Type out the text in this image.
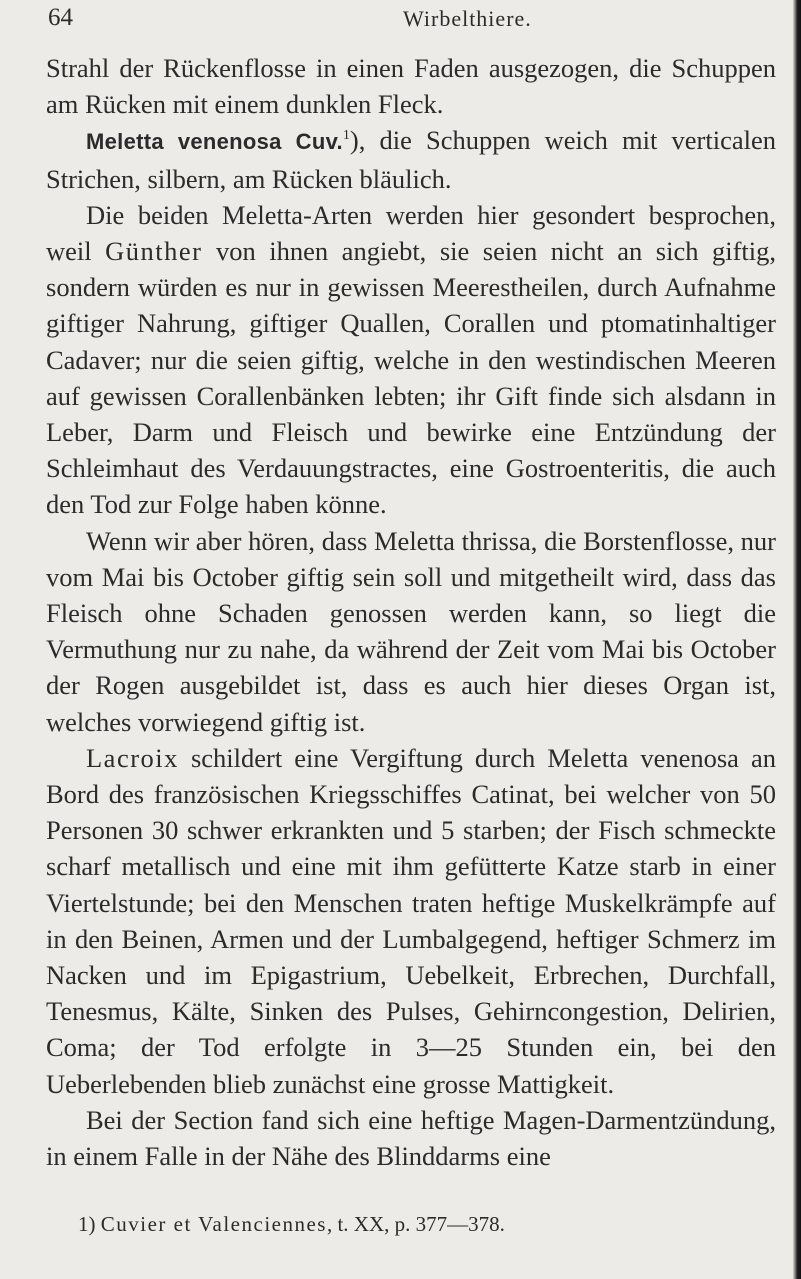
64	Wirbelthiere.

Strahl der Rückenflosse in einen Faden ausgezogen, die Schuppen am Rücken mit einem dunklen Fleck.

Meletta venenosa Cuv.$^1$), die Schuppen weich mit verticalen Strichen, silbern, am Rücken bläulich.

Die beiden Meletta-Arten werden hier gesondert besprochen, weil Günther von ihnen angiebt, sie seien nicht an sich giftig, sondern würden es nur in gewissen Meerestheilen, durch Aufnahme giftiger Nahrung, giftiger Quallen, Corallen und ptomatinhaltiger Cadaver; nur die seien giftig, welche in den westindischen Meeren auf gewissen Corallenbänken lebten; ihr Gift finde sich alsdann in Leber, Darm und Fleisch und bewirke eine Entzündung der Schleimhaut des Verdauungstractes, eine Gostroenteritis, die auch den Tod zur Folge haben könne.

Wenn wir aber hören, dass Meletta thrissa, die Borstenflosse, nur vom Mai bis October giftig sein soll und mitgetheilt wird, dass das Fleisch ohne Schaden genossen werden kann, so liegt die Vermuthung nur zu nahe, da während der Zeit vom Mai bis October der Rogen ausgebildet ist, dass es auch hier dieses Organ ist, welches vorwiegend giftig ist.

Lacroix schildert eine Vergiftung durch Meletta venenosa an Bord des französischen Kriegsschiffes Catinat, bei welcher von 50 Personen 30 schwer erkrankten und 5 starben; der Fisch schmeckte scharf metallisch und eine mit ihm gefütterte Katze starb in einer Viertelstunde; bei den Menschen traten heftige Muskelkrämpfe auf in den Beinen, Armen und der Lumbalgegend, heftiger Schmerz im Nacken und im Epigastrium, Uebelkeit, Erbrechen, Durchfall, Tenesmus, Kälte, Sinken des Pulses, Gehirncongestion, Delirien, Coma; der Tod erfolgte in 3—25 Stunden ein, bei den Ueberlebenden blieb zunächst eine grosse Mattigkeit.

Bei der Section fand sich eine heftige Magen-Darmentzündung, in einem Falle in der Nähe des Blinddarms eine

1) Cuvier et Valenciennes, t. XX, p. 377—378.
